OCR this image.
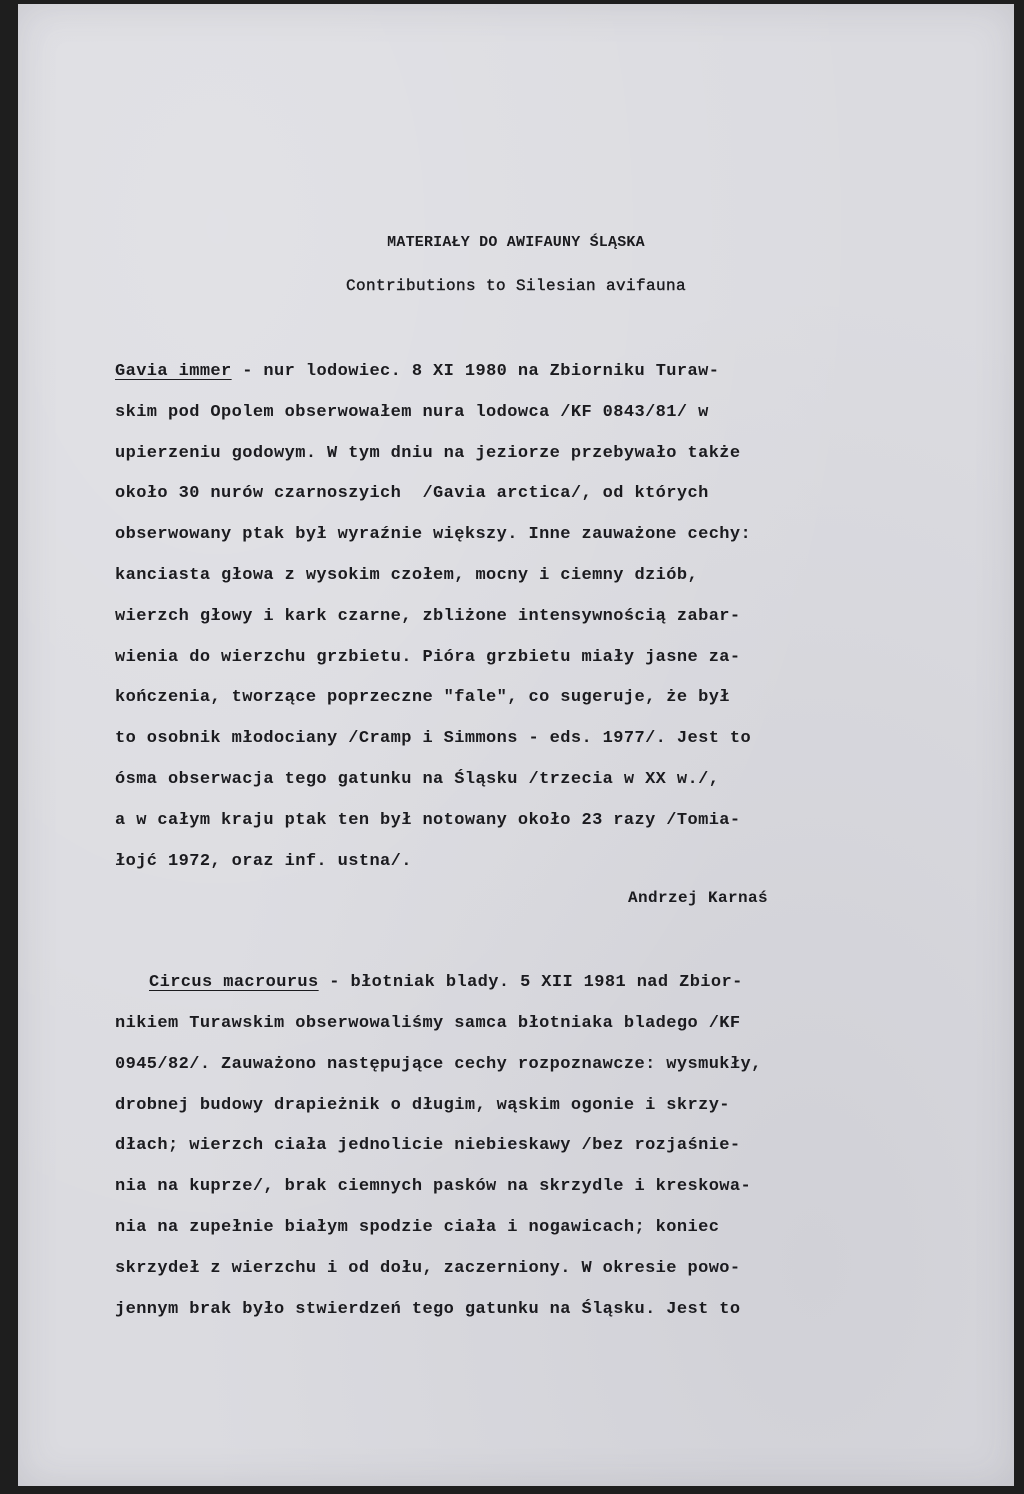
MATERIAŁY DO AWIFAUNY ŚLĄSKA
Contributions to Silesian avifauna
Gavia immer - nur lodowiec. 8 XI 1980 na Zbiorniku Turaw-
skim pod Opolem obserwowałem nura lodowca /KF 0843/81/ w
upierzeniu godowym. W tym dniu na jeziorze przebywało także
około 30 nurów czarnoszyich  /Gavia arctica/, od których
obserwowany ptak był wyraźnie większy. Inne zauważone cechy:
kanciasta głowa z wysokim czołem, mocny i ciemny dziób,
wierzch głowy i kark czarne, zbliżone intensywnością zabar-
wienia do wierzchu grzbietu. Pióra grzbietu miały jasne za-
kończenia, tworzące poprzeczne "fale", co sugeruje, że był
to osobnik młodociany /Cramp i Simmons - eds. 1977/. Jest to
ósma obserwacja tego gatunku na Śląsku /trzecia w XX w./,
a w całym kraju ptak ten był notowany około 23 razy /Tomia-
łojć 1972, oraz inf. ustna/.
Andrzej Karnaś
Circus macrourus - błotniak blady. 5 XII 1981 nad Zbior-
nikiem Turawskim obserwowaliśmy samca błotniaka bladego /KF
0945/82/. Zauważono następujące cechy rozpoznawcze: wysmukły,
drobnej budowy drapieżnik o długim, wąskim ogonie i skrzy-
dłach; wierzch ciała jednolicie niebieskawy /bez rozjaśnie-
nia na kuprze/, brak ciemnych pasków na skrzydle i kreskowa-
nia na zupełnie białym spodzie ciała i nogawicach; koniec
skrzydeł z wierzchu i od dołu, zaczerniony. W okresie powo-
jennym brak było stwierdzeń tego gatunku na Śląsku. Jest to
